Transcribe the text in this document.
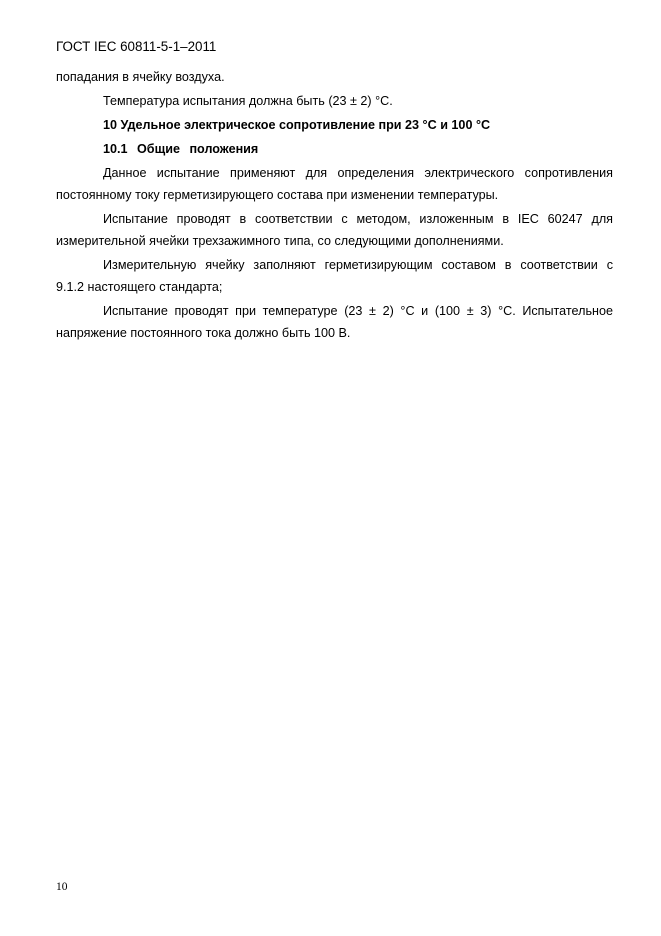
ГОСТ IEC 60811-5-1–2011
попадания в ячейку воздуха.
Температура испытания должна быть (23 ± 2) °С.
10 Удельное электрическое сопротивление при 23 °С и 100 °С
10.1 Общие положения
Данное испытание применяют для определения электрического сопротивления
постоянному току герметизирующего состава при изменении температуры.
Испытание проводят в соответствии с методом, изложенным в IEC 60247 для
измерительной ячейки трехзажимного типа, со следующими дополнениями.
Измерительную ячейку заполняют герметизирующим составом в соответствии с
9.1.2 настоящего стандарта;
Испытание проводят при температуре (23 ± 2) °С и (100 ± 3) °С. Испытательное
напряжение постоянного тока должно быть 100 В.
10
